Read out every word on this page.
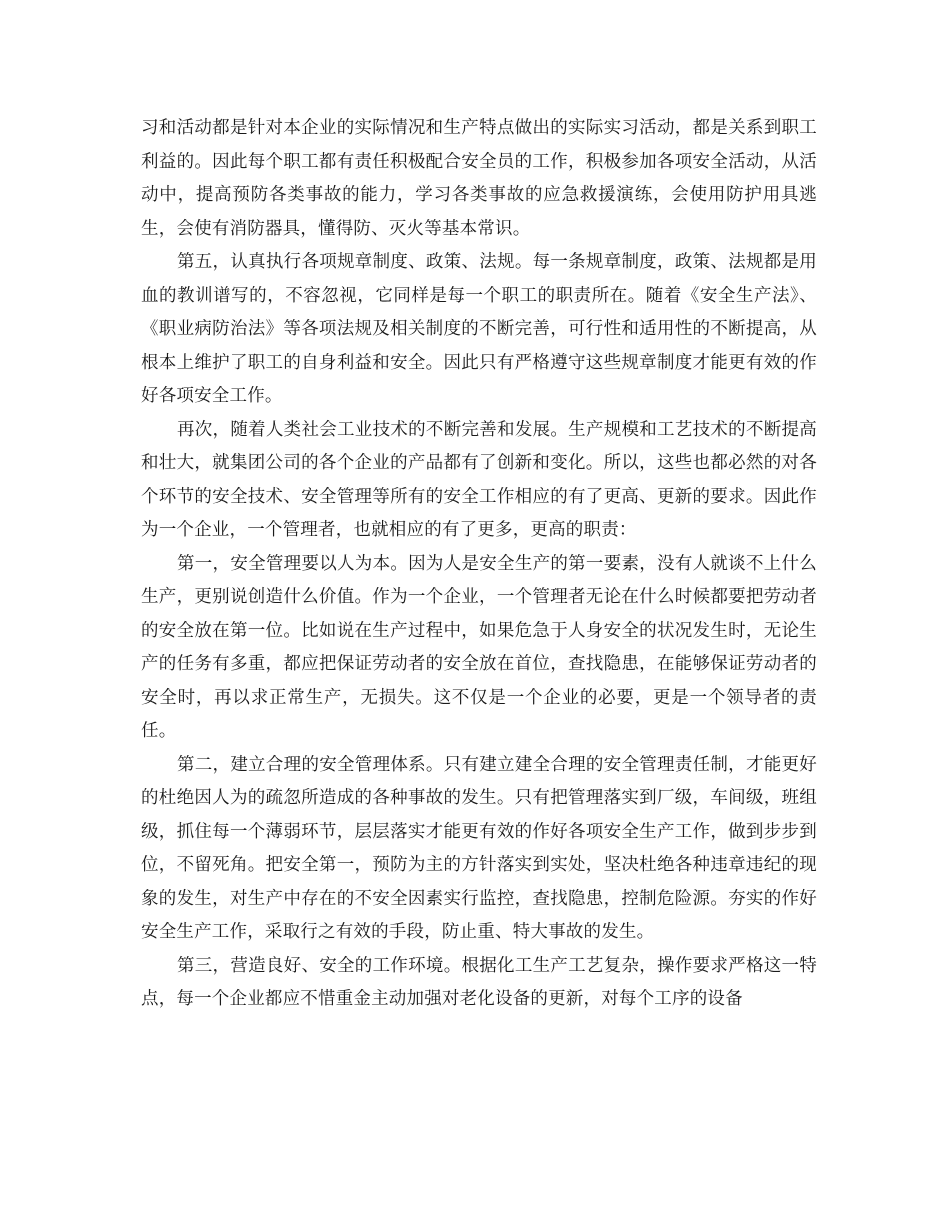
习和活动都是针对本企业的实际情况和生产特点做出的实际实习活动，都是关系到职工利益的。因此每个职工都有责任积极配合安全员的工作，积极参加各项安全活动，从活动中，提高预防各类事故的能力，学习各类事故的应急救援演练，会使用防护用具逃生，会使有消防器具，懂得防、灭火等基本常识。

第五，认真执行各项规章制度、政策、法规。每一条规章制度，政策、法规都是用血的教训谱写的，不容忽视，它同样是每一个职工的职责所在。随着《安全生产法》、《职业病防治法》等各项法规及相关制度的不断完善，可行性和适用性的不断提高，从根本上维护了职工的自身利益和安全。因此只有严格遵守这些规章制度才能更有效的作好各项安全工作。

再次，随着人类社会工业技术的不断完善和发展。生产规模和工艺技术的不断提高和壮大，就集团公司的各个企业的产品都有了创新和变化。所以，这些也都必然的对各个环节的安全技术、安全管理等所有的安全工作相应的有了更高、更新的要求。因此作为一个企业，一个管理者，也就相应的有了更多，更高的职责：

第一，安全管理要以人为本。因为人是安全生产的第一要素，没有人就谈不上什么生产，更别说创造什么价值。作为一个企业，一个管理者无论在什么时候都要把劳动者的安全放在第一位。比如说在生产过程中，如果危急于人身安全的状况发生时，无论生产的任务有多重，都应把保证劳动者的安全放在首位，查找隐患，在能够保证劳动者的安全时，再以求正常生产，无损失。这不仅是一个企业的必要，更是一个领导者的责任。

第二，建立合理的安全管理体系。只有建立建全合理的安全管理责任制，才能更好的杜绝因人为的疏忽所造成的各种事故的发生。只有把管理落实到厂级，车间级，班组级，抓住每一个薄弱环节，层层落实才能更有效的作好各项安全生产工作，做到步步到位，不留死角。把安全第一，预防为主的方针落实到实处，坚决杜绝各种违章违纪的现象的发生，对生产中存在的不安全因素实行监控，查找隐患，控制危险源。夯实的作好安全生产工作，采取行之有效的手段，防止重、特大事故的发生。

第三，营造良好、安全的工作环境。根据化工生产工艺复杂，操作要求严格这一特点，每一个企业都应不惜重金主动加强对老化设备的更新，对每个工序的设备
